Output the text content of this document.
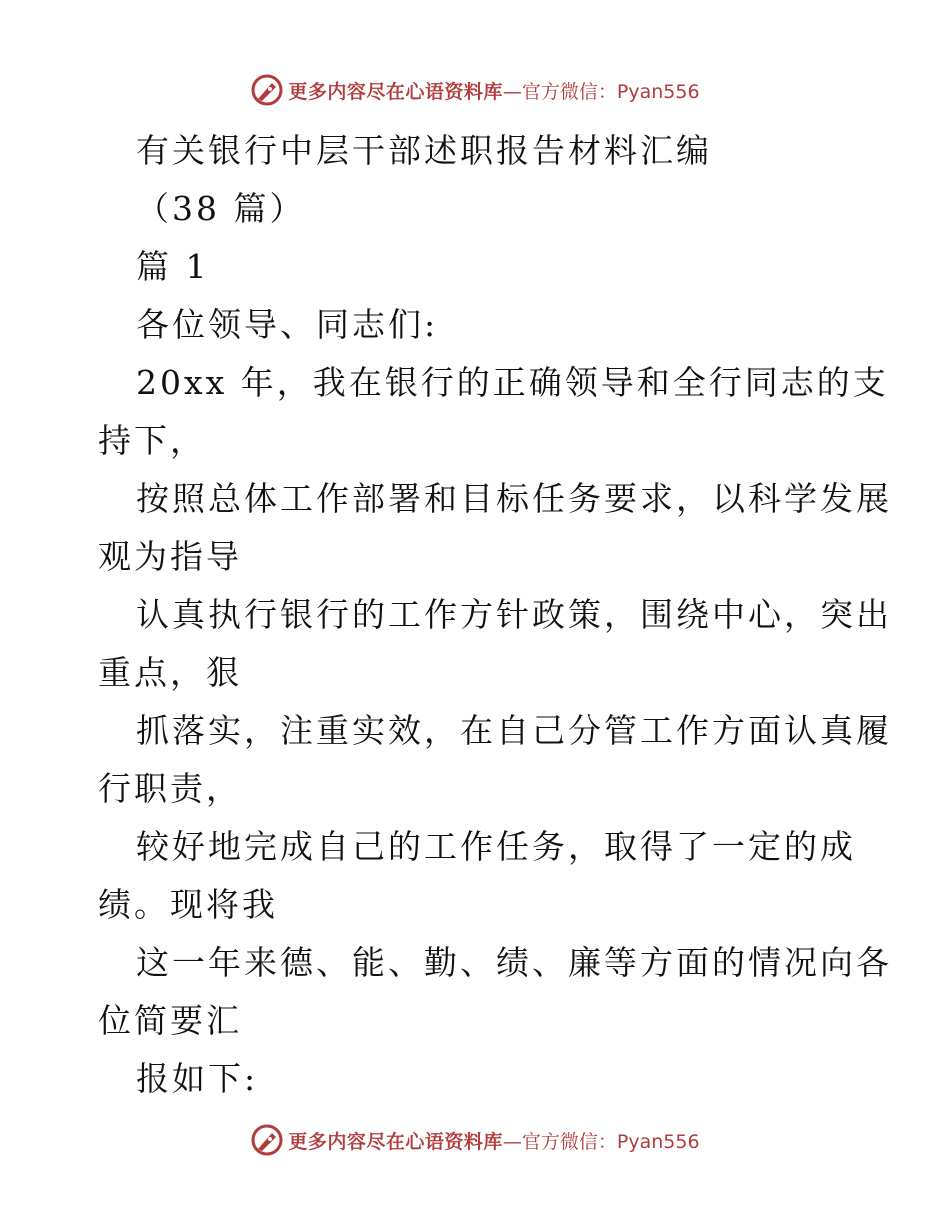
更多内容尽在心语资料库 —官方微信：Pyan556
有关银行中层干部述职报告材料汇编
（38 篇）
篇 1
各位领导、同志们:
20xx 年，我在银行的正确领导和全行同志的支
持下，
按照总体工作部署和目标任务要求，以科学发展
观为指导
认真执行银行的工作方针政策，围绕中心，突出
重点，狠
抓落实，注重实效，在自己分管工作方面认真履
行职责，
较好地完成自己的工作任务，取得了一定的成
绩。现将我
这一年来德、能、勤、绩、廉等方面的情况向各
位简要汇
报如下:
更多内容尽在心语资料库 —官方微信：Pyan556
